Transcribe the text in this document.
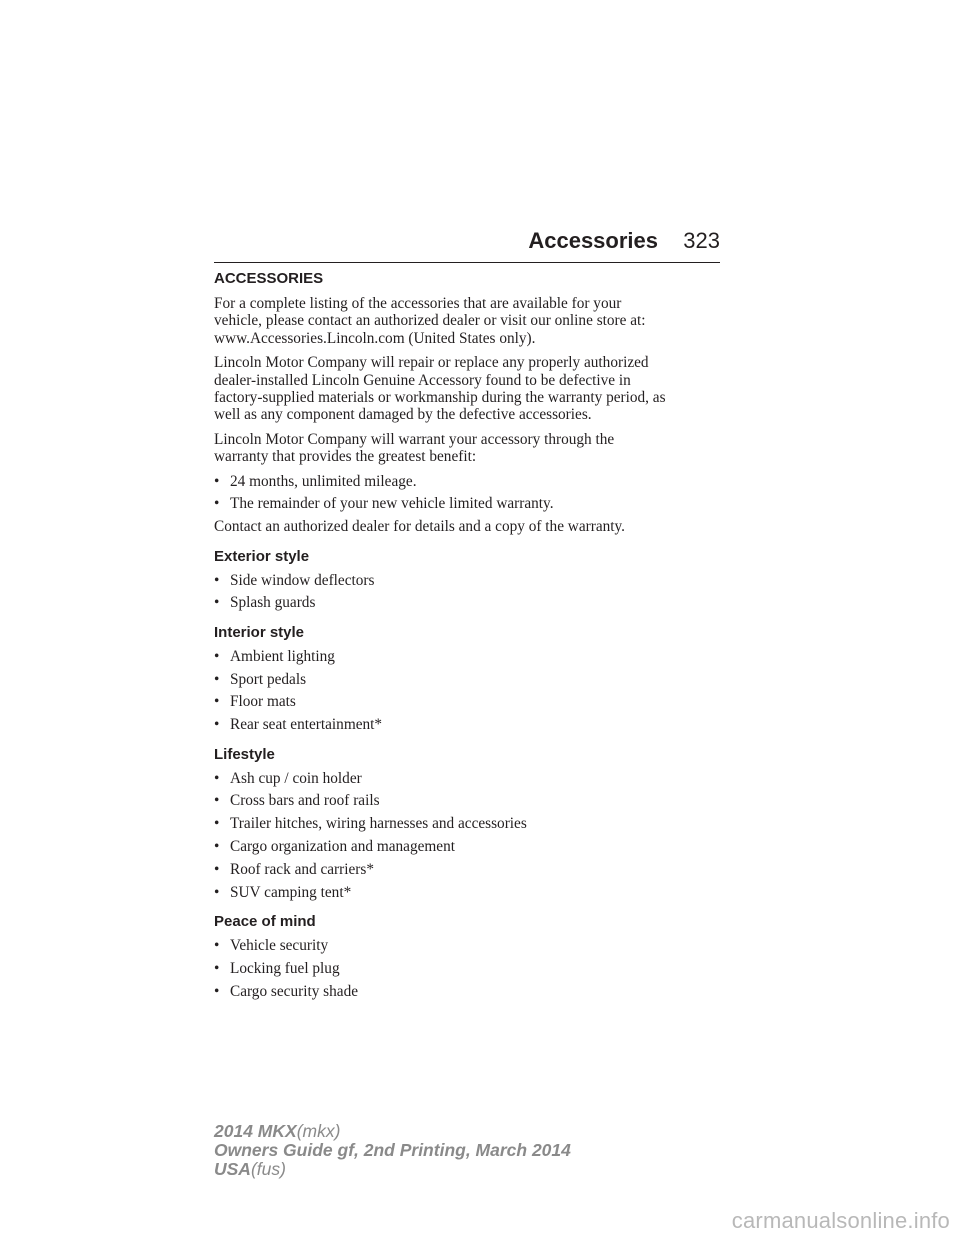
Accessories 323
ACCESSORIES
For a complete listing of the accessories that are available for your
vehicle, please contact an authorized dealer or visit our online store at:
www.Accessories.Lincoln.com (United States only).
Lincoln Motor Company will repair or replace any properly authorized
dealer-installed Lincoln Genuine Accessory found to be defective in
factory-supplied materials or workmanship during the warranty period, as
well as any component damaged by the defective accessories.
Lincoln Motor Company will warrant your accessory through the
warranty that provides the greatest benefit:
• 24 months, unlimited mileage.
• The remainder of your new vehicle limited warranty.
Contact an authorized dealer for details and a copy of the warranty.
Exterior style
• Side window deflectors
• Splash guards
Interior style
• Ambient lighting
• Sport pedals
• Floor mats
• Rear seat entertainment*
Lifestyle
• Ash cup / coin holder
• Cross bars and roof rails
• Trailer hitches, wiring harnesses and accessories
• Cargo organization and management
• Roof rack and carriers*
• SUV camping tent*
Peace of mind
• Vehicle security
• Locking fuel plug
• Cargo security shade
2014 MKX(mkx)
Owners Guide gf, 2nd Printing, March 2014
USA(fus)
carmanualsonline.info
